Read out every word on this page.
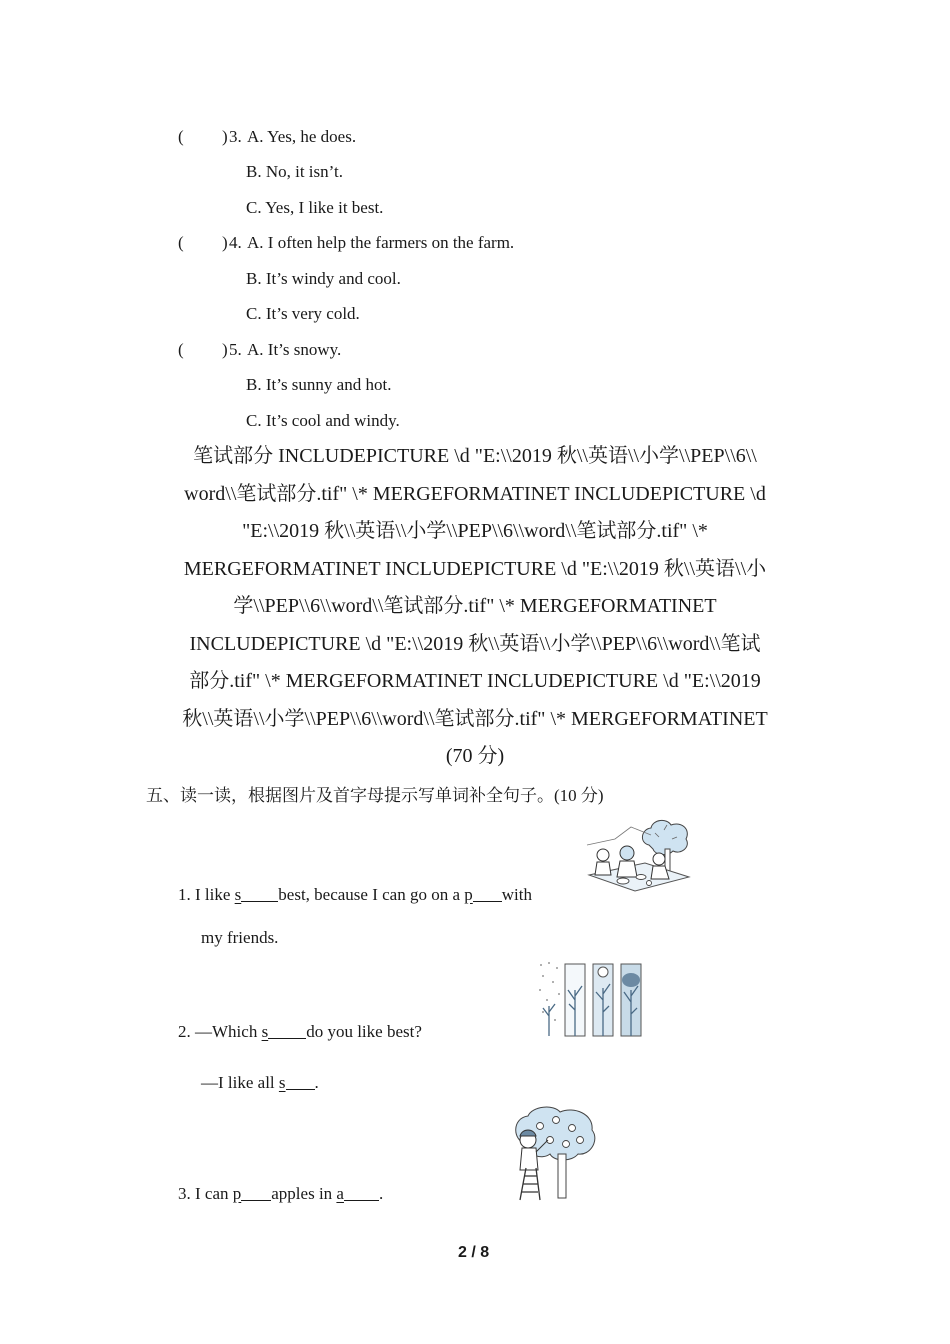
( ) 3. A. Yes, he does.
B. No, it isn’t.
C. Yes, I like it best.
( ) 4. A. I often help the farmers on the farm.
B. It’s windy and cool.
C. It’s very cold.
( ) 5. A. It’s snowy.
B. It’s sunny and hot.
C. It’s cool and windy.
笔试部分 INCLUDEPICTURE \d "E:\\2019 秋\\英语\\小学\\PEP\\6\\
word\\笔试部分.tif" \* MERGEFORMATINET INCLUDEPICTURE \d
"E:\\2019 秋\\英语\\小学\\PEP\\6\\word\\笔试部分.tif" \*
MERGEFORMATINET INCLUDEPICTURE \d "E:\\2019 秋\\英语\\小
学\\PEP\\6\\word\\笔试部分.tif" \* MERGEFORMATINET
INCLUDEPICTURE \d "E:\\2019 秋\\英语\\小学\\PEP\\6\\word\\笔试
部分.tif" \* MERGEFORMATINET INCLUDEPICTURE \d "E:\\2019
秋\\英语\\小学\\PEP\\6\\word\\笔试部分.tif" \* MERGEFORMATINET
(70 分)
五、读一读，根据图片及首字母提示写单词补全句子。(10 分)
1. I like s best, because I can go on a p with
my friends.
2. —Which s do you like best?
—I like all s .
3. I can p apples in a .
2 / 8
